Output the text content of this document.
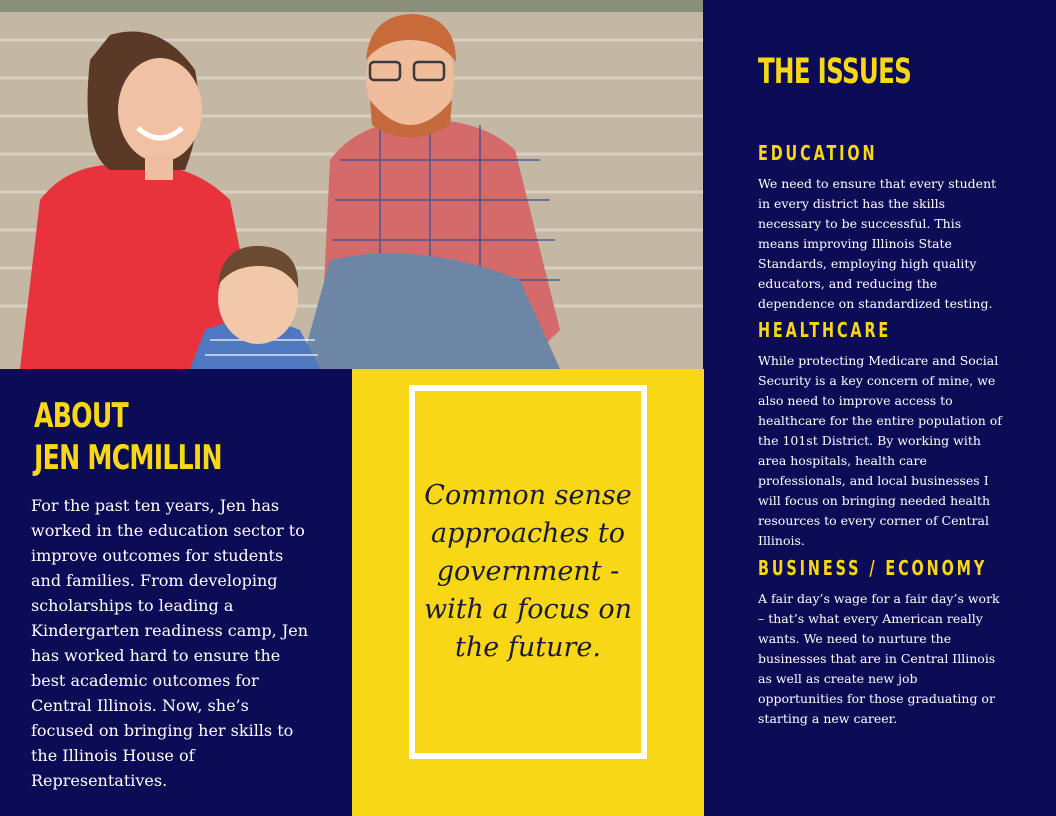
ABOUT
JEN MCMILLIN

For the past ten years, Jen has worked in the education sector to improve outcomes for students and families. From developing scholarships to leading a Kindergarten readiness camp, Jen has worked hard to ensure the best academic outcomes for Central Illinois. Now, she’s focused on bringing her skills to the Illinois House of Representatives.

Common sense approaches to government - with a focus on the future.

THE ISSUES
EDUCATION

We need to ensure that every student in every district has the skills necessary to be successful. This means improving Illinois State Standards, employing high quality educators, and reducing the dependence on standardized testing.

HEALTHCARE

While protecting Medicare and Social Security is a key concern of mine, we also need to improve access to healthcare for the entire population of the 101st District. By working with area hospitals, health care professionals, and local businesses I will focus on bringing needed health resources to every corner of Central Illinois.

BUSINESS / ECONOMY

A fair day’s wage for a fair day’s work – that’s what every American really wants. We need to nurture the businesses that are in Central Illinois as well as create new job opportunities for those graduating or starting a new career.
